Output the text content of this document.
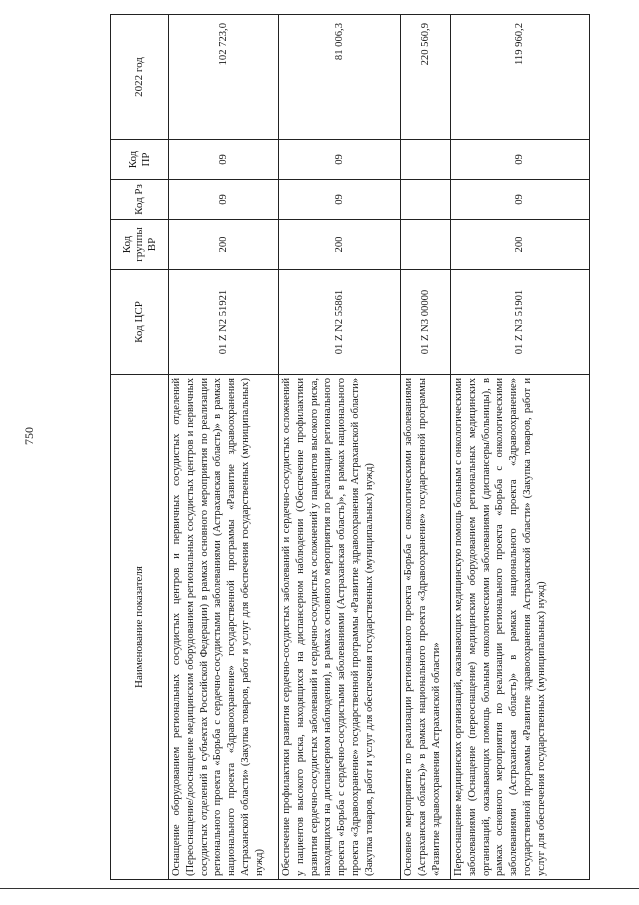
750
Наименование показателя	Код ЦСР	Код группы ВР	Код Рз	Код ПР	2022 год
Оснащение оборудованием региональных сосудистых центров и первичных сосудистых отделений (Переоснащение/дооснащение медицинским оборудованием региональных сосудистых центров и первичных сосудистых отделений в субъектах Российской Федерации) в рамках основного мероприятия по реализации регионального проекта «Борьба с сердечно-сосудистыми заболеваниями (Астраханская область)» в рамках национального проекта «Здравоохранение» государственной программы «Развитие здравоохранения Астраханской области» (Закупка товаров, работ и услуг для обеспечения государственных (муниципальных) нужд)	01 Z N2 51921	200	09	09	102 723,0
Обеспечение профилактики развития сердечно-сосудистых заболеваний и сердечно-сосудистых осложнений у пациентов высокого риска, находящихся на диспансерном наблюдении (Обеспечение профилактики развития сердечно-сосудистых заболеваний и сердечно-сосудистых осложнений у пациентов высокого риска, находящихся на диспансерном наблюдении), в рамках основного мероприятия по реализации регионального проекта «Борьба с сердечно-сосудистыми заболеваниями (Астраханская область)», в рамках национального проекта «Здравоохранение» государственной программы «Развитие здравоохранения Астраханской области» (Закупка товаров, работ и услуг для обеспечения государственных (муниципальных) нужд)	01 Z N2 55861	200	09	09	81 006,3
Основное мероприятие по реализации регионального проекта «Борьба с онкологическими заболеваниями (Астраханская область)» в рамках национального проекта «Здравоохранение» государственной программы «Развитие здравоохранения Астраханской области»	01 Z N3 00000				220 560,9
Переоснащение медицинских организаций, оказывающих медицинскую помощь больным с онкологическими заболеваниями (Оснащение (переоснащение) медицинским оборудованием региональных медицинских организаций, оказывающих помощь больным онкологическими заболеваниями (диспансеры/больницы), в рамках основного мероприятия по реализации регионального проекта «Борьба с онкологическими заболеваниями (Астраханская область)» в рамках национального проекта «Здравоохранение» государственной программы «Развитие здравоохранения Астраханской области» (Закупка товаров, работ и услуг для обеспечения государственных (муниципальных) нужд)	01 Z N3 51901	200	09	09	119 960,2
